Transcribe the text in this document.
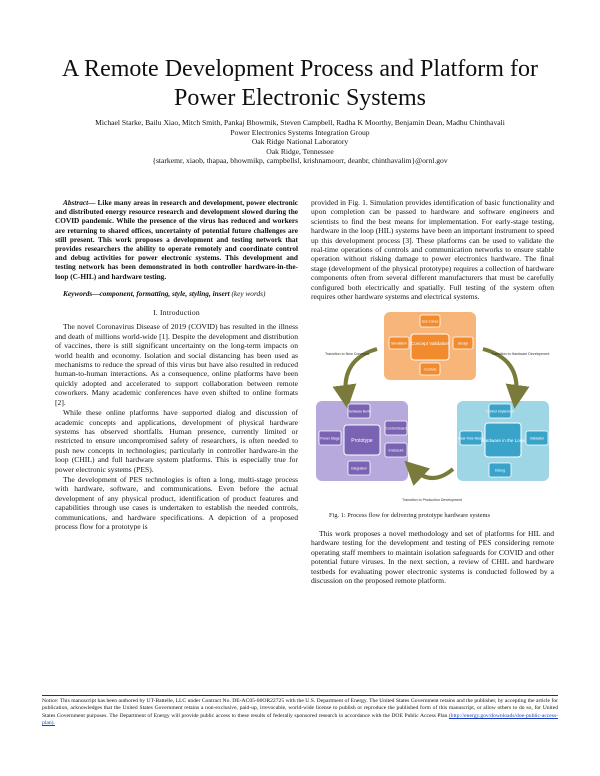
A Remote Development Process and Platform for
Power Electronic Systems
Michael Starke, Bailu Xiao, Mitch Smith, Pankaj Bhowmik, Steven Campbell, Radha K Moorthy, Benjamin Dean, Madhu Chinthavali
Power Electronics Systems Integration Group
Oak Ridge National Laboratory
Oak Ridge, Tennessee
{starkemr, xiaob, thapaa, bhowmikp, campbellsl, krishnamoorr, deanbr, chinthavalim}@ornl.gov

Abstract— Like many areas in research and development, power electronic and distributed energy resource research and development slowed during the COVID pandemic. While the presence of the virus has reduced and workers are returning to shared offices, uncertainty of potential future challenges are still present. This work proposes a development and testing network that provides researchers the ability to operate remotely and coordinate control and debug activities for power electronic systems. This development and testing network has been demonstrated in both controller hardware-in-the-loop (C-HIL) and hardware testing.

Keywords—component, formatting, style, styling, insert (key words)

I. Introduction

The novel Coronavirus Disease of 2019 (COVID) has resulted in the illness and death of millions world-wide [1]. Despite the development and distribution of vaccines, there is still significant uncertainty on the long-term impacts on world health and economy. Isolation and social distancing has been used as mechanisms to reduce the spread of this virus but have also resulted in reduced human-to-human interactions. As a consequence, online platforms have been quickly adopted and accelerated to support collaboration between remote coworkers. Many academic conferences have even shifted to online formats [2].

While these online platforms have supported dialog and discussion of academic concepts and applications, development of physical hardware systems has observed shortfalls. Human presence, currently limited or restricted to ensure uncompromised safety of researchers, is often needed to push new concepts in technologies; particularly in controller hardware-in the loop (CHIL) and full hardware system platforms. This is especially true for power electronic systems (PES).

The development of PES technologies is often a long, multi-stage process with hardware, software, and communications. Even before the actual development of any physical product, identification of product features and capabilities through use cases is undertaken to establish the needed controls, communications, and hardware specifications. A depiction of a proposed process flow for a prototype is

provided in Fig. 1. Simulation provides identification of basic functionality and upon completion can be passed to hardware and software engineers and scientists to find the best means for implementation. For early-stage testing, hardware in the loop (HIL) systems have been an important instrument to speed up this development process [3]. These platforms can be used to validate the real-time operations of controls and communication networks to ensure stable operation without risking damage to power electronics hardware. The final stage (development of the physical prototype) requires a collection of hardware components often from several different manufacturers that must be carefully configured both electrically and spatially. Full testing of the system often requires other hardware systems and electrical systems.

Use Cases
Simulation	Design
Controls
Hardware Build
Power Stage
Control Board
Enclosure
Integration
Control Implement
Real-Time Model	Validation
Debug
Concept Validation
Prototype	Hardware in the Loop
Transition to New Concepts	Transition to Hardware Development
Transition to Production Development
Fig. 1: Process flow for delivering prototype hardware systems

This work proposes a novel methodology and set of platforms for HIL and hardware testing for the development and testing of PES considering remote operating staff members to maintain isolation safeguards for COVID and other potential future viruses. In the next section, a review of CHIL and hardware testbeds for evaluating power electronic systems is conducted followed by a discussion on the proposed remote platform.

Notice: This manuscript has been authored by UT-Battelle, LLC under Contract No. DE-AC05-00OR22725 with the U.S. Department of Energy. The United States Government retains and the publisher, by accepting the article for publication, acknowledges that the United States Government retains a non-exclusive, paid-up, irrevocable, world-wide license to publish or reproduce the published form of this manuscript, or allow others to do so, for United States Government purposes. The Department of Energy will provide public access to these results of federally sponsored research in accordance with the DOE Public Access Plan (http://energy.gov/downloads/doe-public-access-plan).
